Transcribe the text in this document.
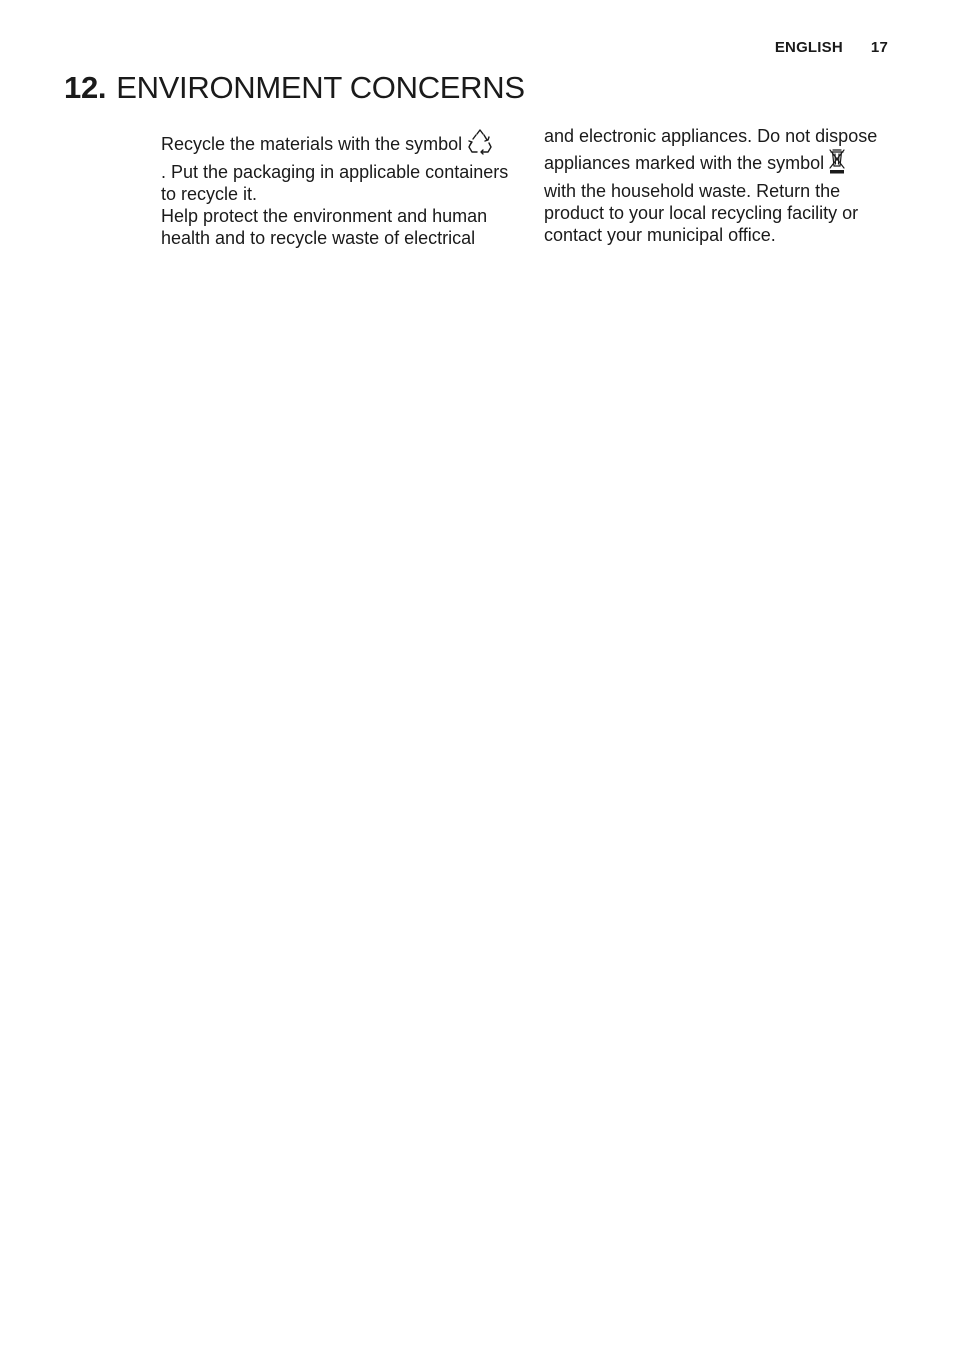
ENGLISH 17
12. ENVIRONMENT CONCERNS

Recycle the materials with the symbol

. Put the packaging in applicable containers to recycle it.

Help protect the environment and human health and to recycle waste of electrical

and electronic appliances. Do not dispose

appliances marked with the symbol

with the household waste. Return the product to your local recycling facility or contact your municipal office.
